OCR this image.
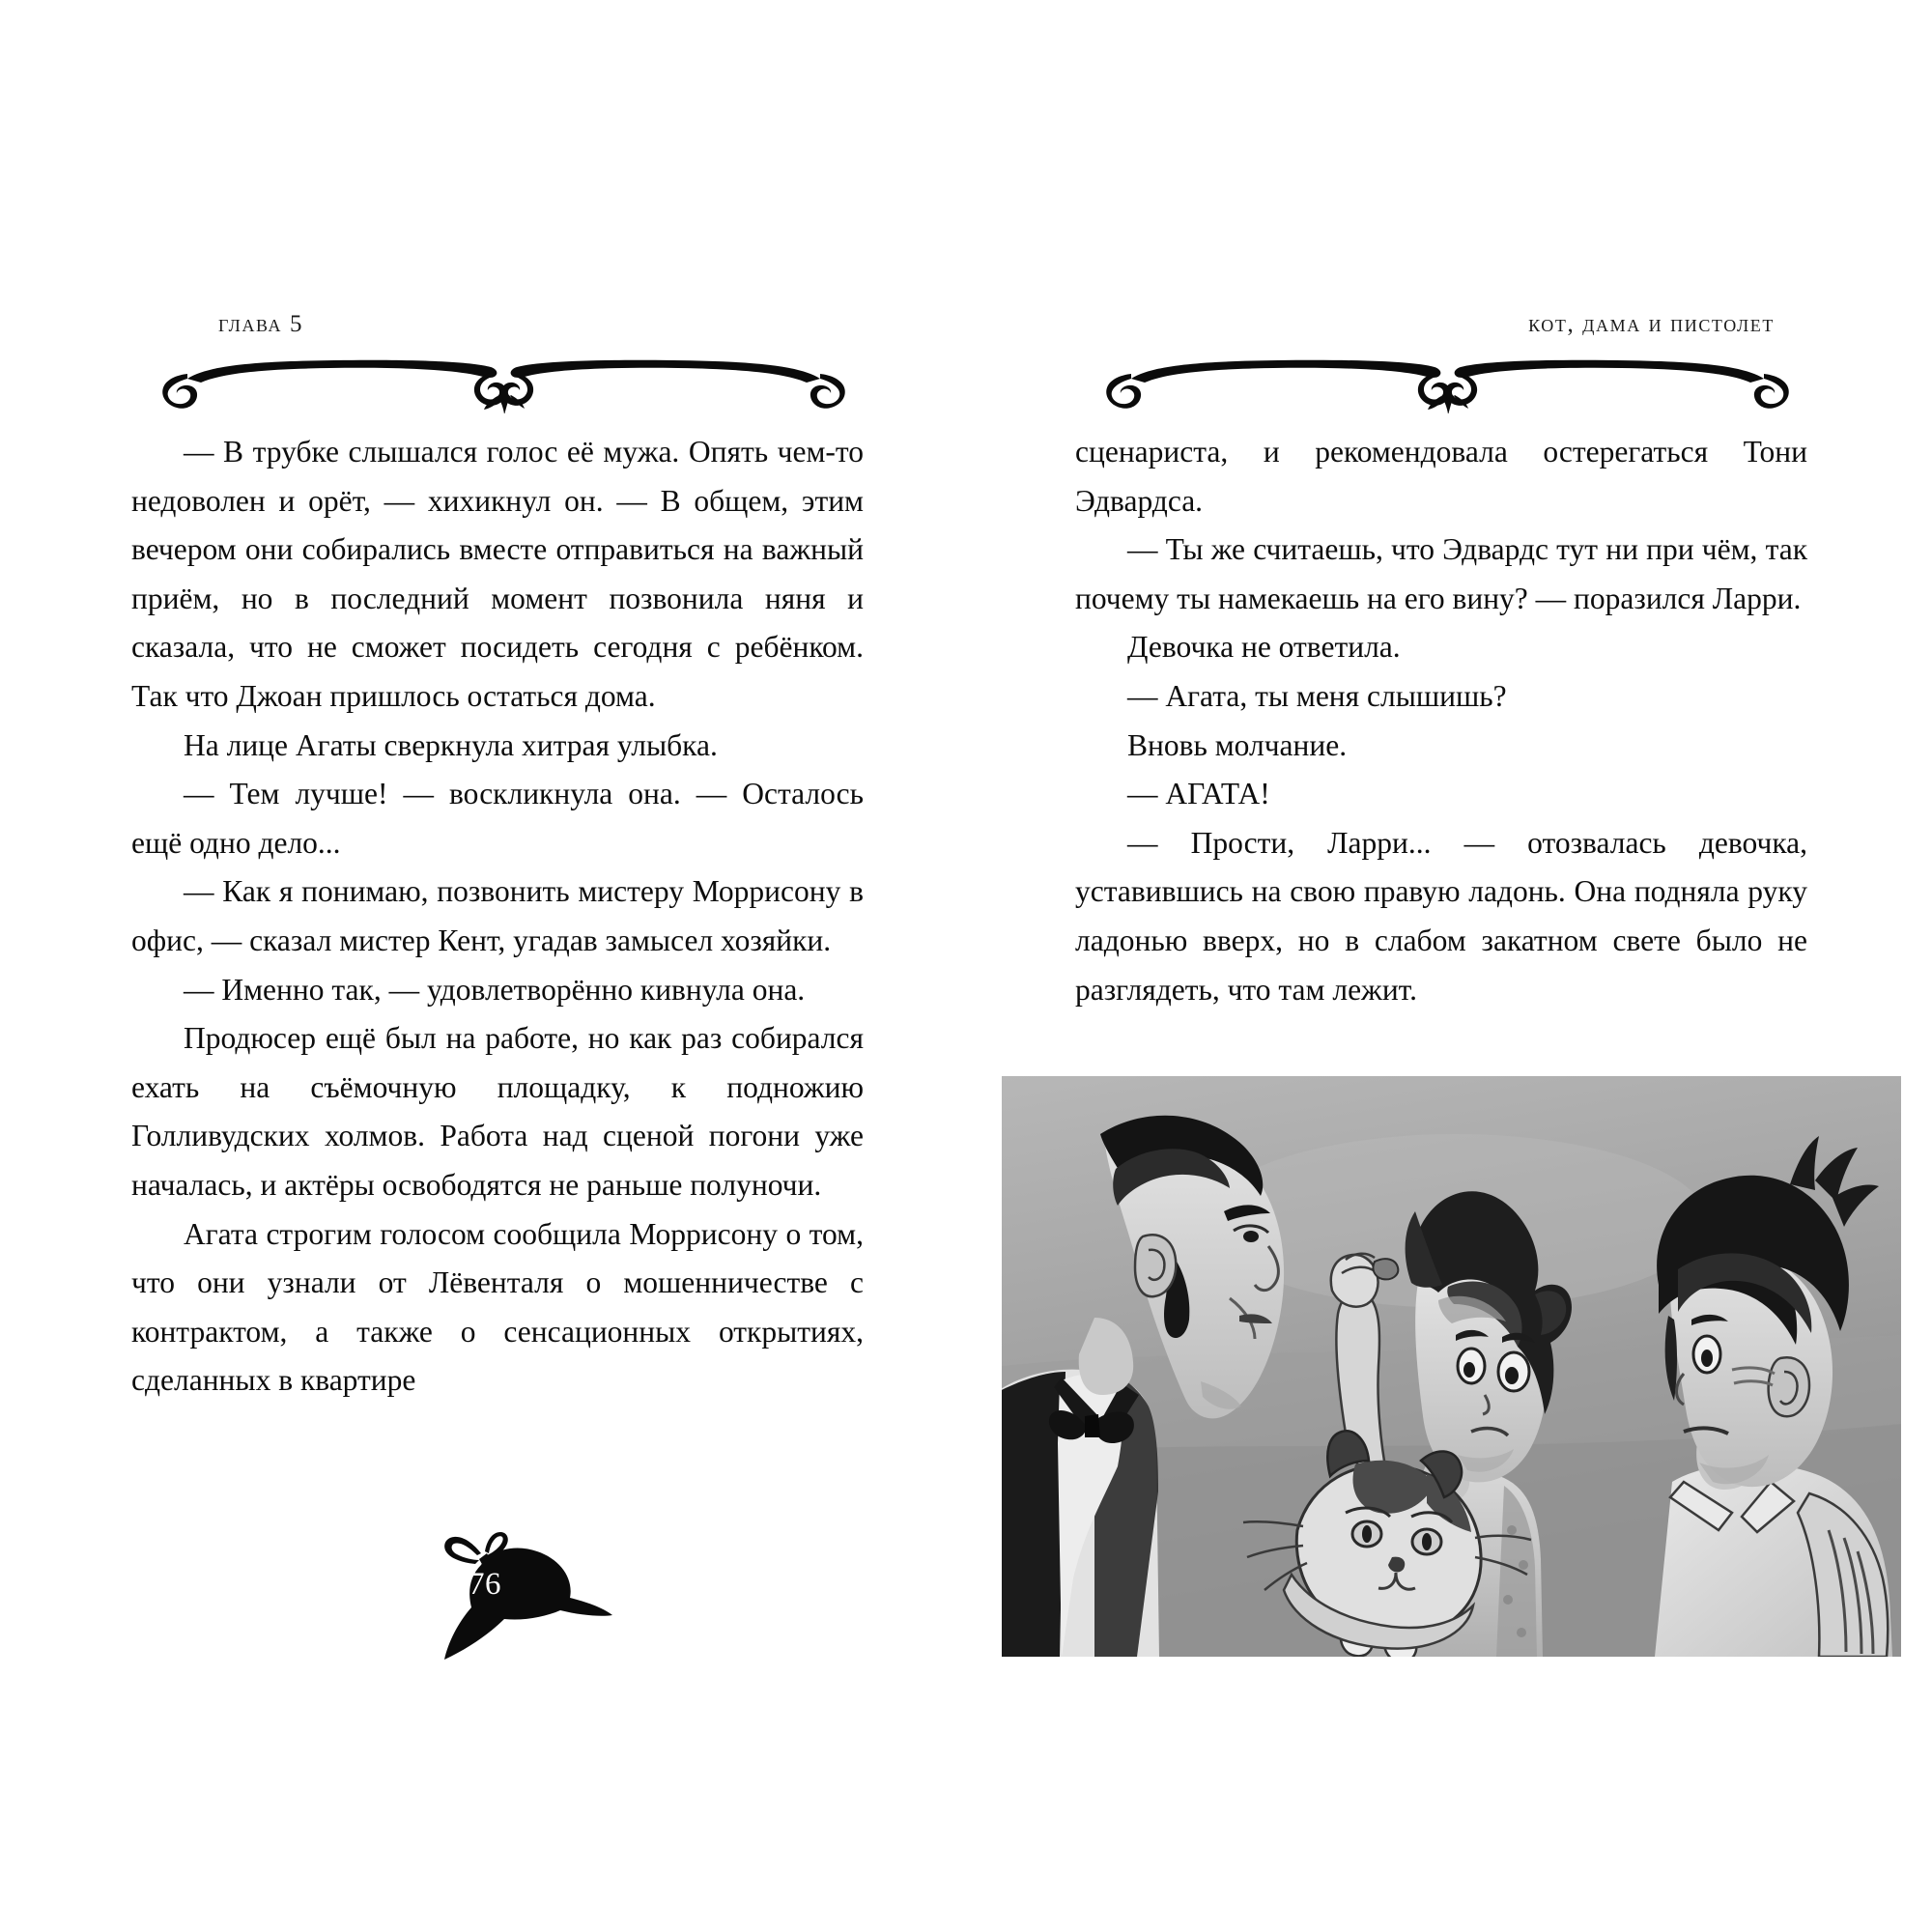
глава 5

— В трубке слышался голос её мужа. Опять чем-то недоволен и орёт, — хихикнул он. — В общем, этим вечером они собирались вместе отправиться на важный приём, но в последний момент позвонила няня и сказала, что не сможет посидеть сегодня с ребёнком. Так что Джоан пришлось остаться дома.

На лице Агаты сверкнула хитрая улыбка.

— Тем лучше! — воскликнула она. — Осталось ещё одно дело...

— Как я понимаю, позвонить мистеру Моррисону в офис, — сказал мистер Кент, угадав замысел хозяйки.

— Именно так, — удовлетворённо кивнула она.

Продюсер ещё был на работе, но как раз собирался ехать на съёмочную площадку, к подножию Голливудских холмов. Работа над сценой погони уже началась, и актёры освободятся не раньше полуночи.

Агата строгим голосом сообщила Моррисону о том, что они узнали от Лёвенталя о мошенничестве с контрактом, а также о сенсационных открытиях, сделанных в квартире

76
кот, дама и пистолет

сценариста, и рекомендовала остерегаться Тони Эдвардса.

— Ты же считаешь, что Эдвардс тут ни при чём, так почему ты намекаешь на его вину? — поразился Ларри.

Девочка не ответила.

— Агата, ты меня слышишь?

Вновь молчание.

— АГАТА!

— Прости, Ларри... — отозвалась девочка, уставившись на свою правую ладонь. Она подняла руку ладонью вверх, но в слабом закатном свете было не разглядеть, что там лежит.
